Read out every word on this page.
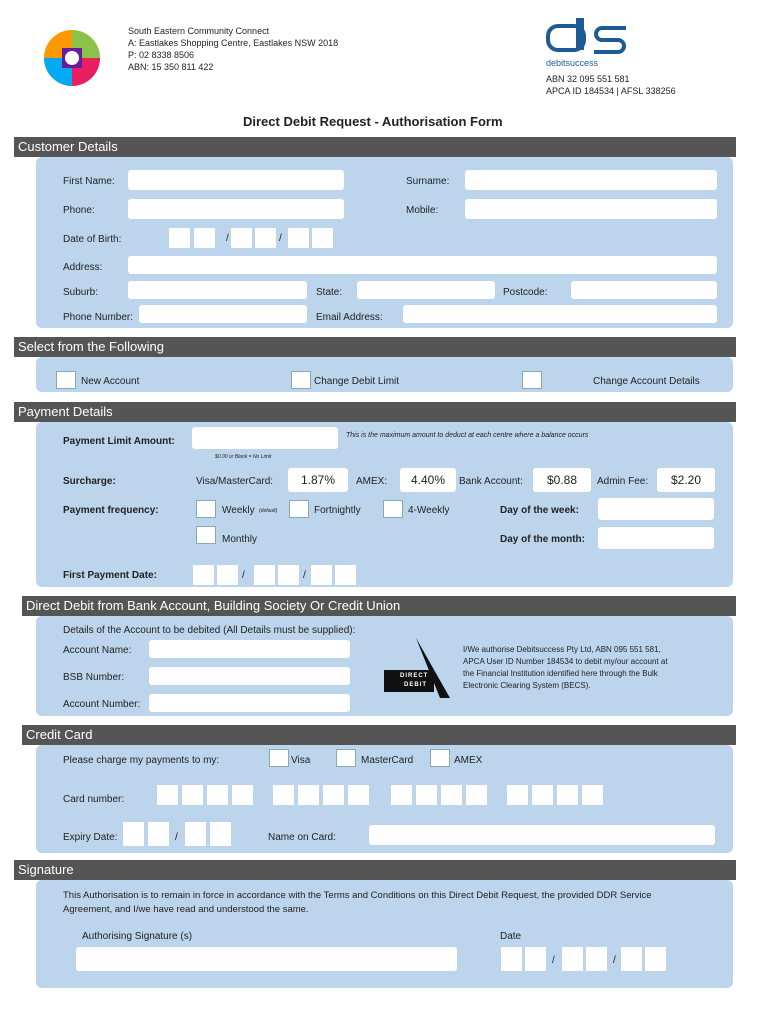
South Eastern Community Connect
A: Eastlakes Shopping Centre, Eastlakes NSW 2018
P: 02 8338 8506
ABN: 15 350 811 422	debitsuccess
ABN 32 095 551 581
APCA ID 184534 | AFSL 338256
Direct Debit Request - Authorisation Form
Customer Details
First Name:	Surname:
Phone:	Mobile:
Date of Birth:	/	/
Address:
Suburb:	State:	Postcode:
Phone Number:	Email Address:
Select from the Following
New Account	Change Debit Limit	Change Account Details
Payment Details
Payment Limit Amount:
This is the maximum amount to deduct at each centre where a balance occurs
$0.00 or Blank = No Limit
Surcharge:	Visa/MasterCard:	1.87%	AMEX:	4.40%	Bank Account:	$0.88	Admin Fee:	$2.20
Payment frequency:	Weekly (default)	Fortnightly	4-Weekly	Day of the week:
Monthly	Day of the month:
First Payment Date:	/	/
Direct Debit from Bank Account, Building Society Or Credit Union
Details of the Account to be debited (All Details must be supplied):
Account Name:
BSB Number:
Account Number:
DIRECT
DEBIT
I/We authorise Debitsuccess Pty Ltd, ABN 095 551 581,
APCA User ID Number 184534 to debit my/our account at
the Financial Institution identified here through the Bulk
Electronic Clearing System (BECS).
Credit Card
Please charge my payments to my:	Visa	MasterCard	AMEX
Card number:
Expiry Date:	/	Name on Card:
Signature
This Authorisation is to remain in force in accordance with the Terms and Conditions on this Direct Debit Request, the provided DDR Service
Agreement, and I/we have read and understood the same.
Authorising Signature (s)	Date
/	/
